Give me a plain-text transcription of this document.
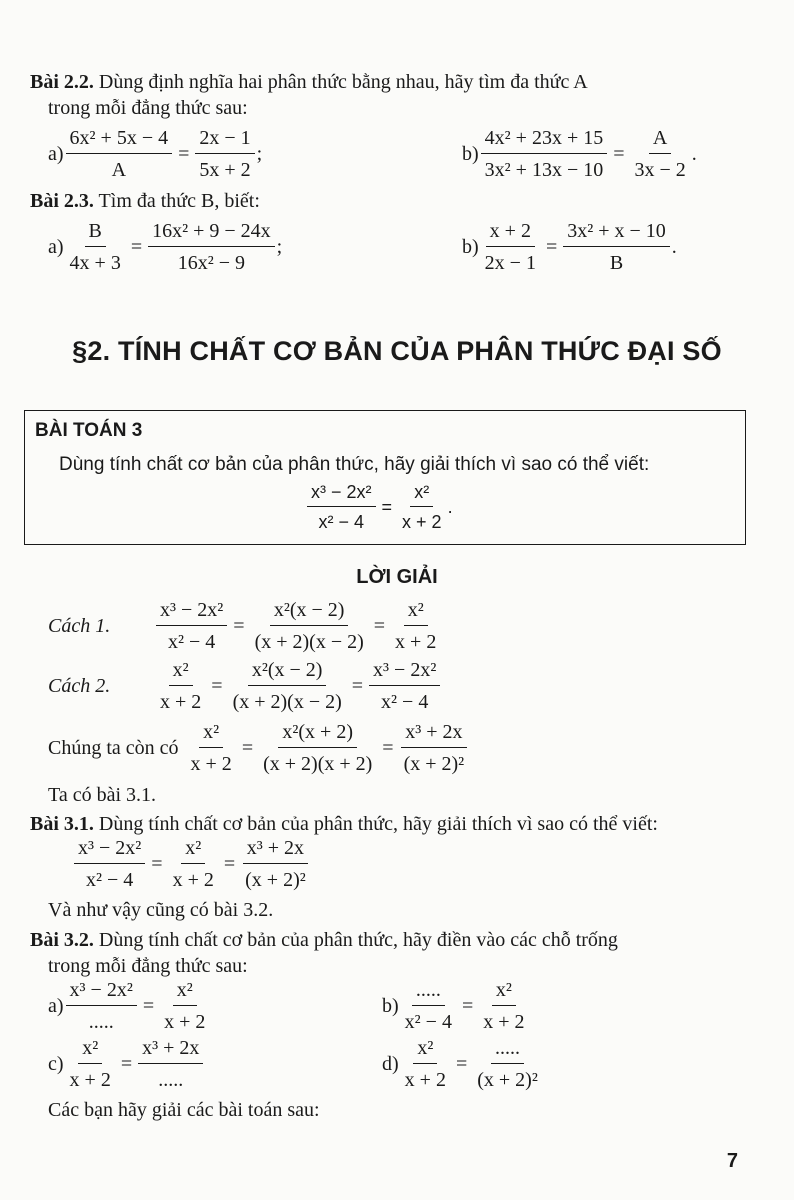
Bài 2.2. Dùng định nghĩa hai phân thức bằng nhau, hãy tìm đa thức A
trong mỗi đẳng thức sau:
$a) \frac{\text{6x² + 5x − 4}}{A} = \frac{2x - 1}{5x + 2}$ ;	$b) \frac{\text{4x² + 23x + 15}}{\text{3x² + 13x − 10}} = \frac{A}{3x - 2}$ .
Bài 2.3. Tìm đa thức B, biết:
$a) \frac{B}{4x + 3} = \frac{\text{16x² + 9 − 24x}}{\text{16x² − 9}}$ ;	$b) \frac{x + 2}{2x - 1} = \frac{\text{3x² + x − 10}}{B}$ .
§2. TÍNH CHẤT CƠ BẢN CỦA PHÂN THỨC ĐẠI SỐ
BÀI TOÁN 3
Dùng tính chất cơ bản của phân thức, hãy giải thích vì sao có thể viết:
$\frac{\text{x³ − 2x²}}{\text{x² − 4}} = \frac{\text{x²}}{x + 2}$ .
LỜI GIẢI
Cách 1.	$\frac{\text{x³ − 2x²}}{\text{x² − 4}} = \frac{\text{x²(x − 2)}}{(x + 2)(x - 2)} = \frac{\text{x²}}{x + 2}$
Cách 2.	$\frac{\text{x²}}{x + 2} = \frac{\text{x²(x − 2)}}{(x + 2)(x - 2)} = \frac{\text{x³ − 2x²}}{\text{x² − 4}}$
Chúng ta còn có $\frac{\text{x²}}{x + 2} = \frac{\text{x²(x + 2)}}{(x + 2)(x + 2)} = \frac{\text{x³ + 2x}}{\text{(x + 2)²}}$
Ta có bài 3.1.
Bài 3.1. Dùng tính chất cơ bản của phân thức, hãy giải thích vì sao có thể viết:
$\frac{\text{x³ − 2x²}}{\text{x² − 4}} = \frac{\text{x²}}{x + 2} = \frac{\text{x³ + 2x}}{\text{(x + 2)²}}$
Và như vậy cũng có bài 3.2.
Bài 3.2. Dùng tính chất cơ bản của phân thức, hãy điền vào các chỗ trống
trong mỗi đẳng thức sau:
$a) \frac{\text{x³ − 2x²}}{.....} = \frac{\text{x²}}{x + 2}$	$b) \frac{.....}{\text{x² − 4}} = \frac{\text{x²}}{x + 2}$
$c) \frac{\text{x²}}{x + 2} = \frac{\text{x³ + 2x}}{.....}$	$d) \frac{\text{x²}}{x + 2} = \frac{.....}{\text{(x + 2)²}}$
Các bạn hãy giải các bài toán sau:
7
